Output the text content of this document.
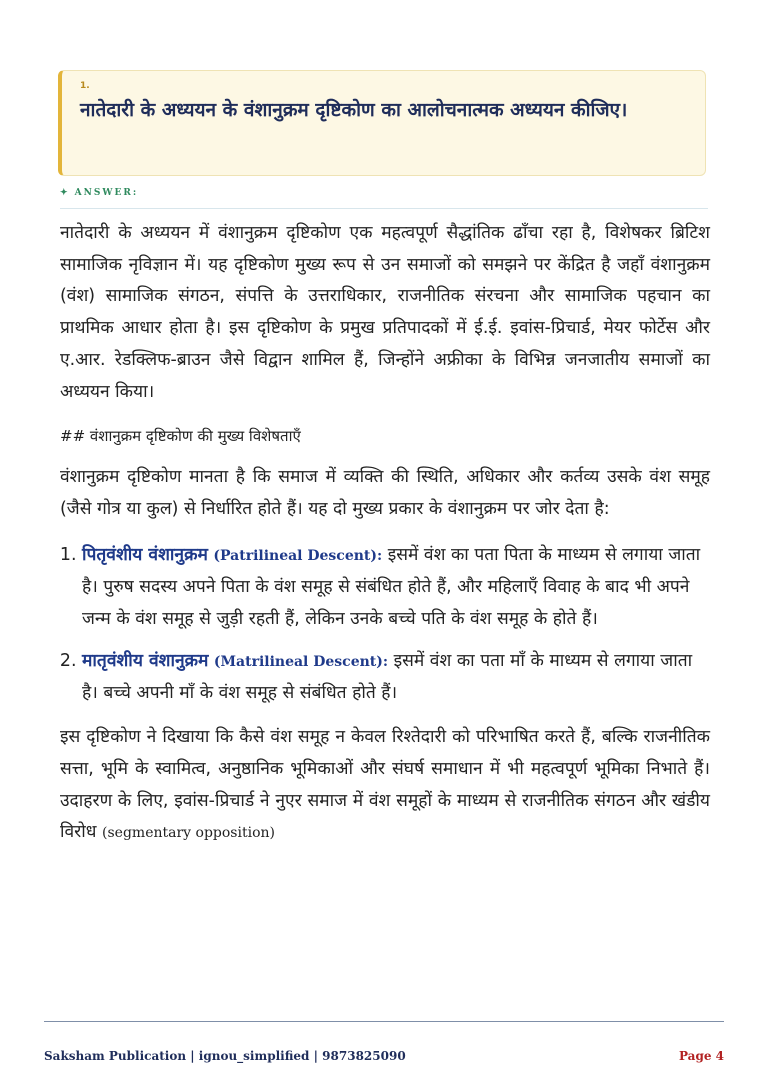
1.
नातेदारी के अध्ययन के वंशानुक्रम दृष्टिकोण का आलोचनात्मक अध्ययन कीजिए।
✦ ANSWER:

नातेदारी के अध्ययन में वंशानुक्रम दृष्टिकोण एक महत्वपूर्ण सैद्धांतिक ढाँचा रहा है, विशेषकर ब्रिटिश सामाजिक नृविज्ञान में। यह दृष्टिकोण मुख्य रूप से उन समाजों को समझने पर केंद्रित है जहाँ वंशानुक्रम (वंश) सामाजिक संगठन, संपत्ति के उत्तराधिकार, राजनीतिक संरचना और सामाजिक पहचान का प्राथमिक आधार होता है। इस दृष्टिकोण के प्रमुख प्रतिपादकों में ई.ई. इवांस-प्रिचार्ड, मेयर फोर्टेस और ए.आर. रेडक्लिफ-ब्राउन जैसे विद्वान शामिल हैं, जिन्होंने अफ्रीका के विभिन्न जनजातीय समाजों का अध्ययन किया।

## वंशानुक्रम दृष्टिकोण की मुख्य विशेषताएँ

वंशानुक्रम दृष्टिकोण मानता है कि समाज में व्यक्ति की स्थिति, अधिकार और कर्तव्य उसके वंश समूह (जैसे गोत्र या कुल) से निर्धारित होते हैं। यह दो मुख्य प्रकार के वंशानुक्रम पर जोर देता है:

1. पितृवंशीय वंशानुक्रम (Patrilineal Descent): इसमें वंश का पता पिता के माध्यम से लगाया जाता है। पुरुष सदस्य अपने पिता के वंश समूह से संबंधित होते हैं, और महिलाएँ विवाह के बाद भी अपने जन्म के वंश समूह से जुड़ी रहती हैं, लेकिन उनके बच्चे पति के वंश समूह के होते हैं।
2. मातृवंशीय वंशानुक्रम (Matrilineal Descent): इसमें वंश का पता माँ के माध्यम से लगाया जाता है। बच्चे अपनी माँ के वंश समूह से संबंधित होते हैं।

इस दृष्टिकोण ने दिखाया कि कैसे वंश समूह न केवल रिश्तेदारी को परिभाषित करते हैं, बल्कि राजनीतिक सत्ता, भूमि के स्वामित्व, अनुष्ठानिक भूमिकाओं और संघर्ष समाधान में भी महत्वपूर्ण भूमिका निभाते हैं। उदाहरण के लिए, इवांस-प्रिचार्ड ने नुएर समाज में वंश समूहों के माध्यम से राजनीतिक संगठन और खंडीय विरोध (segmentary opposition)

Saksham Publication | ignou_simplified | 9873825090	Page 4
